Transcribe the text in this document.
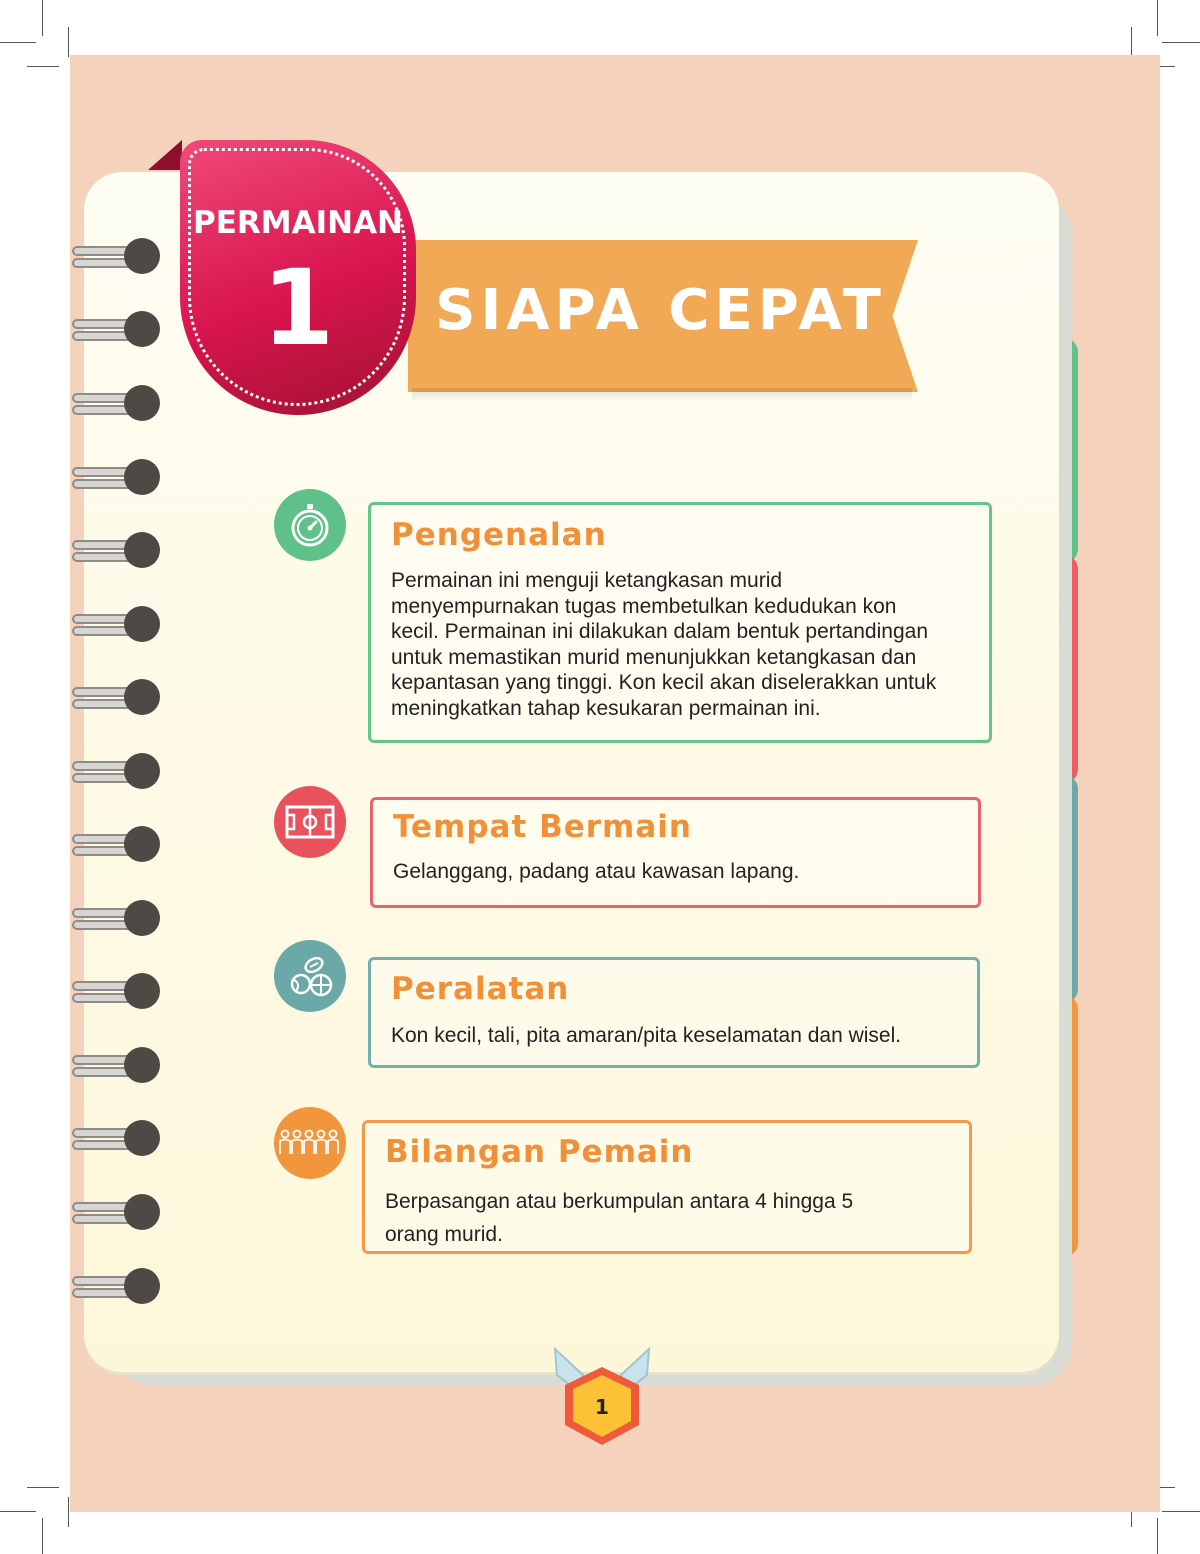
SIAPA CEPAT
PERMAINAN
1
Pengenalan
Permainan ini menguji ketangkasan murid
menyempurnakan tugas membetulkan kedudukan kon
kecil. Permainan ini dilakukan dalam bentuk pertandingan
untuk memastikan murid menunjukkan ketangkasan dan
kepantasan yang tinggi. Kon kecil akan diselerakkan untuk
meningkatkan tahap kesukaran permainan ini.
Tempat Bermain
Gelanggang, padang atau kawasan lapang.
Peralatan
Kon kecil, tali, pita amaran/pita keselamatan dan wisel.
Bilangan Pemain
Berpasangan atau berkumpulan antara 4 hingga 5
orang murid.
1
